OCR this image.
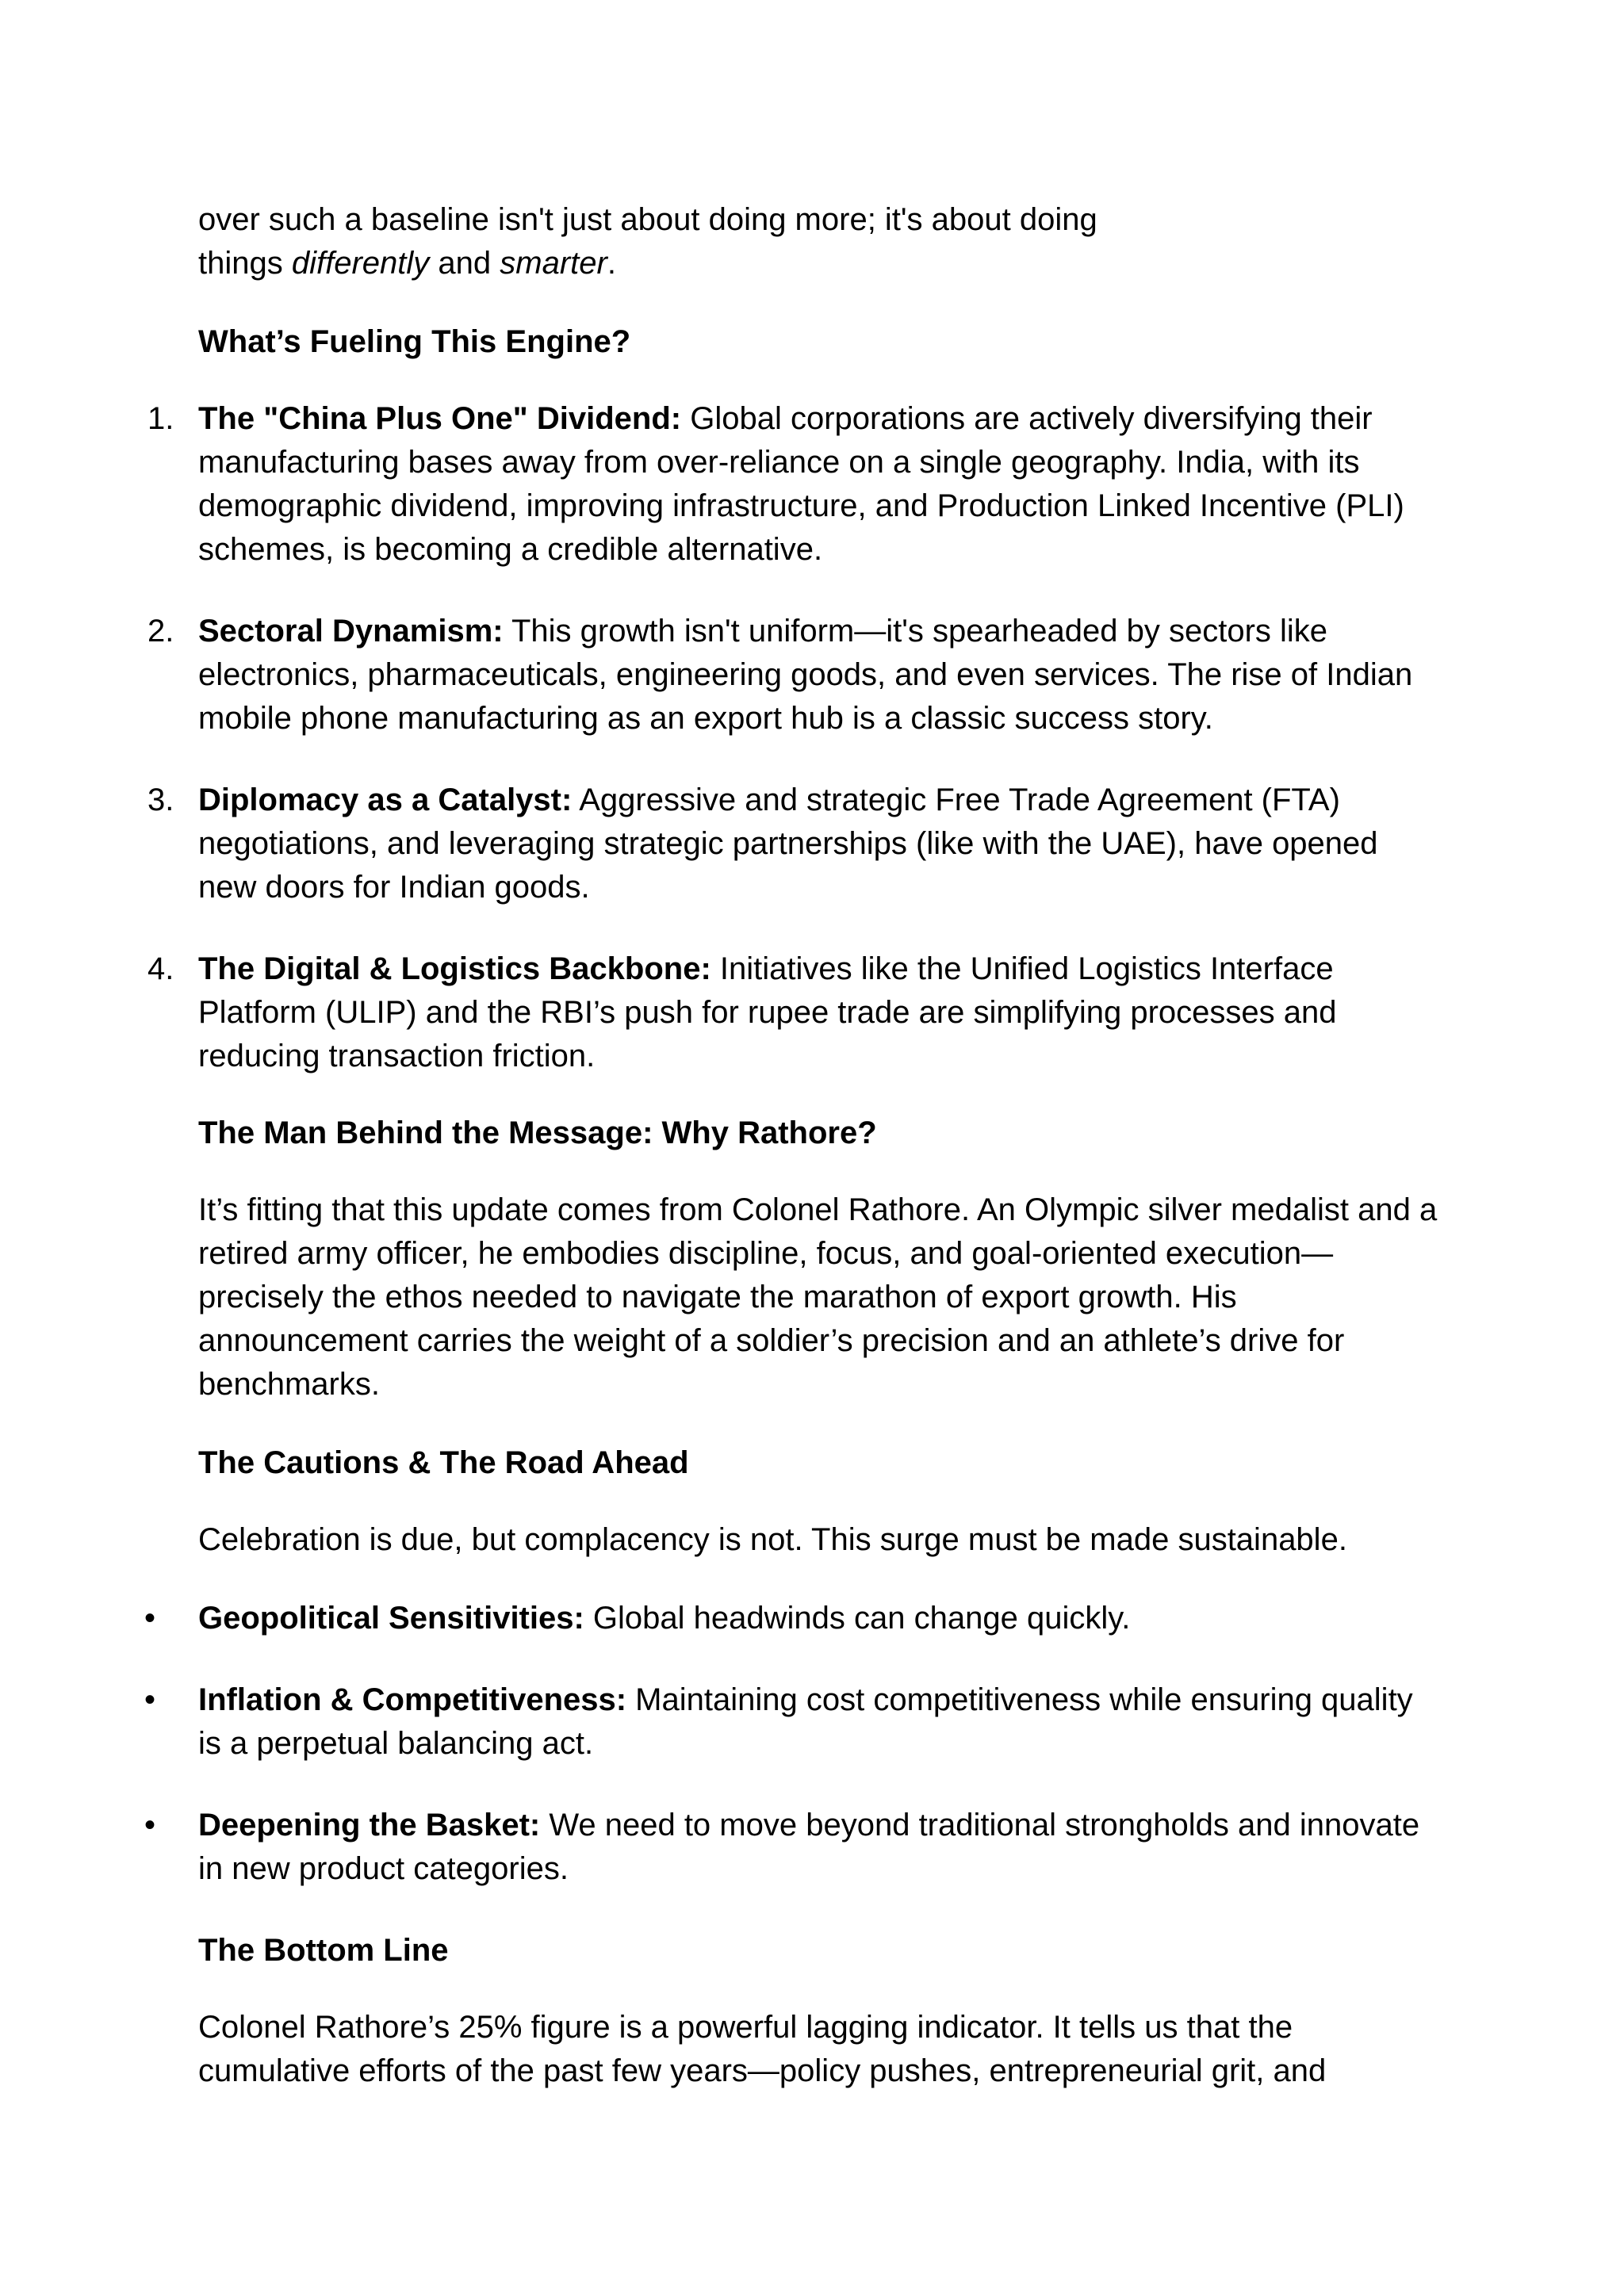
over such a baseline isn't just about doing more; it's about doing

things differently and smarter.

What’s Fueling This Engine?

1. The "China Plus One" Dividend: Global corporations are actively diversifying their manufacturing bases away from over-reliance on a single geography. India, with its demographic dividend, improving infrastructure, and Production Linked Incentive (PLI) schemes, is becoming a credible alternative.
2. Sectoral Dynamism: This growth isn't uniform—it's spearheaded by sectors like electronics, pharmaceuticals, engineering goods, and even services. The rise of Indian mobile phone manufacturing as an export hub is a classic success story.
3. Diplomacy as a Catalyst: Aggressive and strategic Free Trade Agreement (FTA) negotiations, and leveraging strategic partnerships (like with the UAE), have opened new doors for Indian goods.
4. The Digital & Logistics Backbone: Initiatives like the Unified Logistics Interface Platform (ULIP) and the RBI’s push for rupee trade are simplifying processes and reducing transaction friction.

The Man Behind the Message: Why Rathore?

It’s fitting that this update comes from Colonel Rathore. An Olympic silver medalist and a retired army officer, he embodies discipline, focus, and goal-oriented execution—precisely the ethos needed to navigate the marathon of export growth. His announcement carries the weight of a soldier’s precision and an athlete’s drive for benchmarks.

The Cautions & The Road Ahead

Celebration is due, but complacency is not. This surge must be made sustainable.

• Geopolitical Sensitivities: Global headwinds can change quickly.
• Inflation & Competitiveness: Maintaining cost competitiveness while ensuring quality is a perpetual balancing act.
• Deepening the Basket: We need to move beyond traditional strongholds and innovate in new product categories.

The Bottom Line

Colonel Rathore’s 25% figure is a powerful lagging indicator. It tells us that the cumulative efforts of the past few years—policy pushes, entrepreneurial grit, and
